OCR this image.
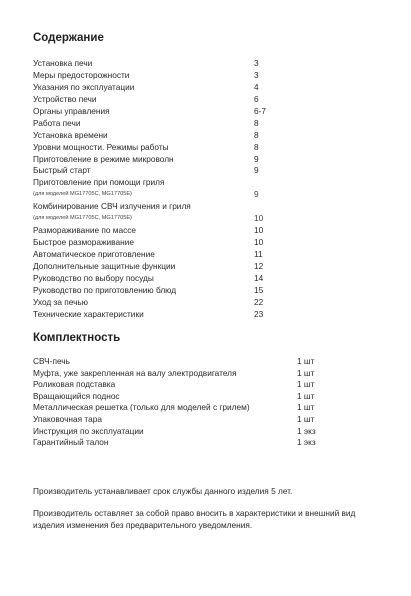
Содержание
Установка печи	3
Меры предосторожности	3
Указания по эксплуатации	4
Устройство печи	6
Органы управления	6-7
Работа печи	8
Установка времени	8
Уровни мощности. Режимы работы	8
Приготовление в режиме микроволн	9
Быстрый старт	9
Приготовление при помощи гриля
(для моделей MG17705C, MG17705E)	9
Комбинирование СВЧ излучения и гриля
(для моделей MG17705C, MG17705E)	10
Размораживание по массе	10
Быстрое размораживание	10
Автоматическое приготовление	11
Дополнительные защитные функции	12
Руководство по выбору посуды	14
Руководство по приготовлению блюд	15
Уход за печью	22
Технические характеристики	23
Комплектность
СВЧ-печь	1 шт
Муфта, уже закрепленная на валу электродвигателя	1 шт
Роликовая подставка	1 шт
Вращающийся поднос	1 шт
Металлическая решетка (только для моделей с грилем)	1 шт
Упаковочная тара	1 шт
Инструкция по эксплуатации	1 экз
Гарантийный талон	1 экз

Производитель устанавливает срок службы данного изделия 5 лет.

Производитель оставляет за собой право вносить в характеристики и внешний вид изделия изменения без предварительного уведомления.
